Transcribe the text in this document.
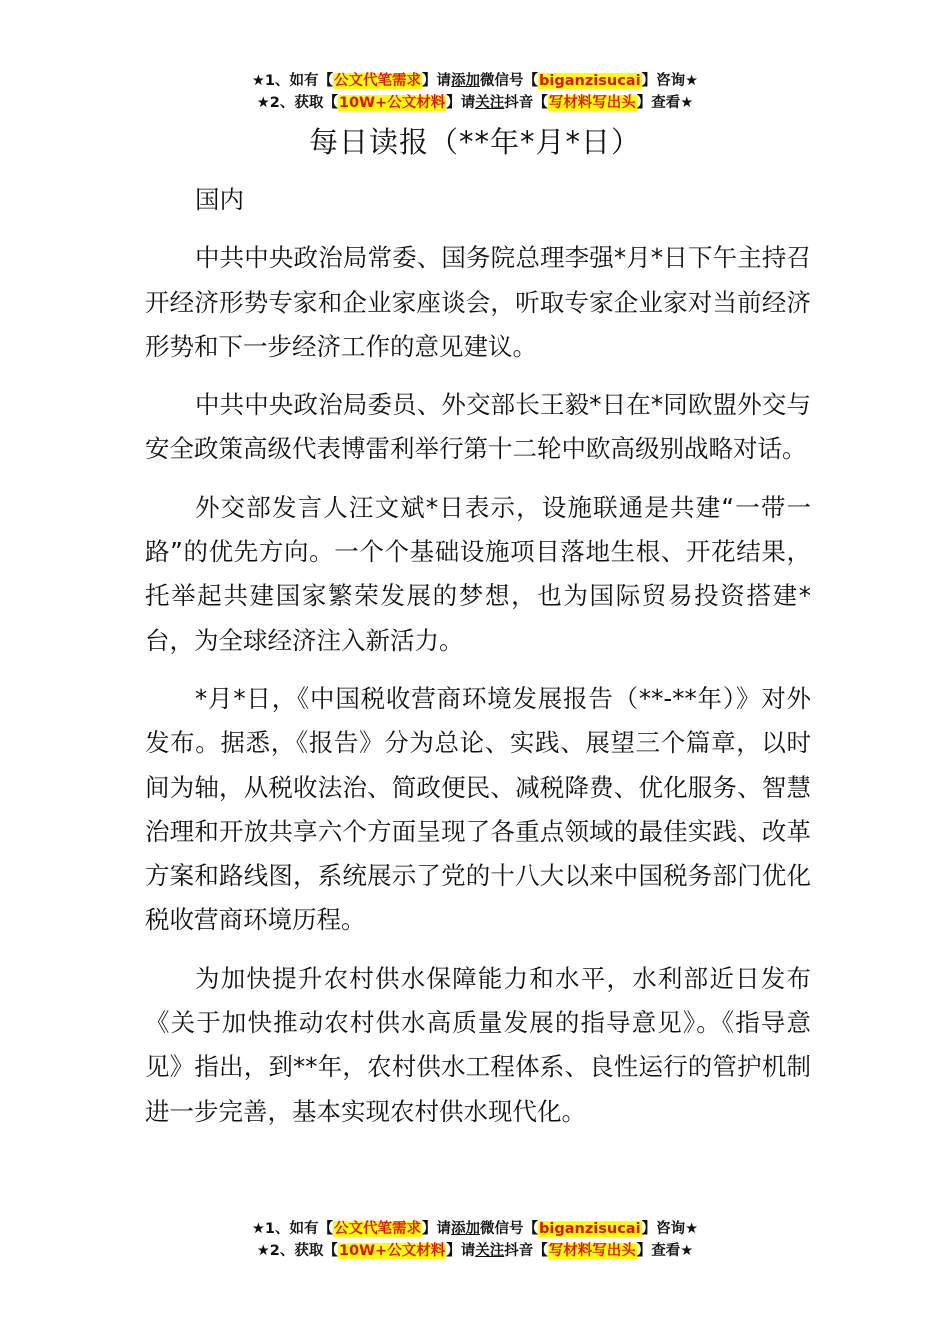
★1、如有【公文代笔需求】请添加微信号【biganzisucai】咨询★
★2、获取【10W+公文材料】请关注抖音【写材料写出头】查看★
每日读报（**年*月*日）

国内

中共中央政治局常委、国务院总理李强*月*日下午主持召开经济形势专家和企业家座谈会，听取专家企业家对当前经济形势和下一步经济工作的意见建议。

中共中央政治局委员、外交部长王毅*日在*同欧盟外交与安全政策高级代表博雷利举行第十二轮中欧高级别战略对话。

外交部发言人汪文斌*日表示，设施联通是共建“一带一路”的优先方向。一个个基础设施项目落地生根、开花结果，托举起共建国家繁荣发展的梦想，也为国际贸易投资搭建*台，为全球经济注入新活力。

*月*日，《中国税收营商环境发展报告（**-**年）》对外发布。据悉，《报告》分为总论、实践、展望三个篇章，以时间为轴，从税收法治、简政便民、减税降费、优化服务、智慧治理和开放共享六个方面呈现了各重点领域的最佳实践、改革方案和路线图，系统展示了党的十八大以来中国税务部门优化税收营商环境历程。

为加快提升农村供水保障能力和水平，水利部近日发布《关于加快推动农村供水高质量发展的指导意见》。《指导意见》指出，到**年，农村供水工程体系、良性运行的管护机制进一步完善，基本实现农村供水现代化。

★1、如有【公文代笔需求】请添加微信号【biganzisucai】咨询★
★2、获取【10W+公文材料】请关注抖音【写材料写出头】查看★
